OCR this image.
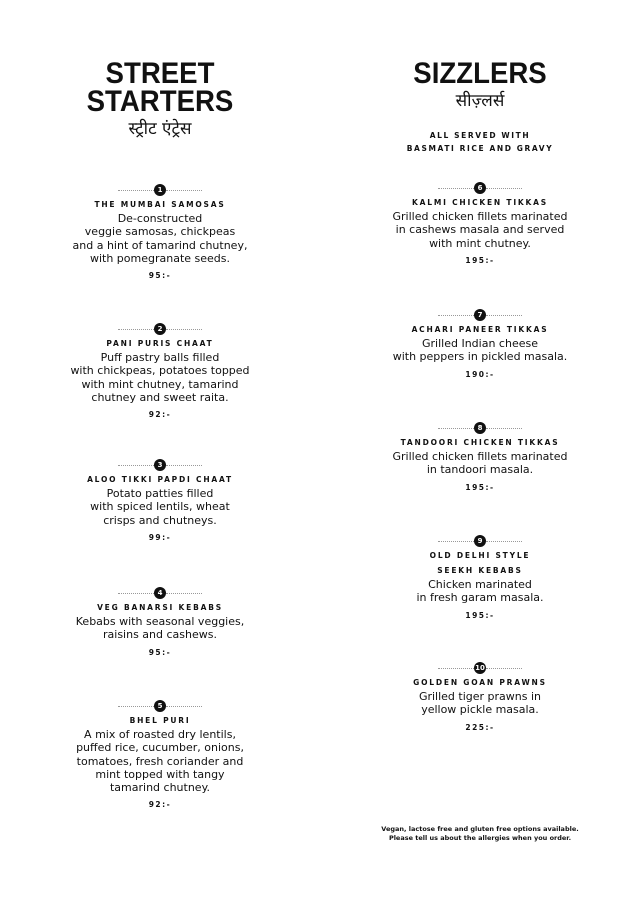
STREET
STARTERS
स्ट्रीट एंट्रेस
SIZZLERS
सीज़्लर्स
ALL SERVED WITH
BASMATI RICE AND GRAVY
1
THE MUMBAI SAMOSAS
De-constructed
veggie samosas, chickpeas
and a hint of tamarind chutney,
with pomegranate seeds.
95:-
2
PANI PURIS CHAAT
Puff pastry balls filled
with chickpeas, potatoes topped
with mint chutney, tamarind
chutney and sweet raita.
92:-
3
ALOO TIKKI PAPDI CHAAT
Potato patties filled
with spiced lentils, wheat
crisps and chutneys.
99:-
4
VEG BANARSI KEBABS
Kebabs with seasonal veggies,
raisins and cashews.
95:-
5
BHEL PURI
A mix of roasted dry lentils,
puffed rice, cucumber, onions,
tomatoes, fresh coriander and
mint topped with tangy
tamarind chutney.
92:-
6
KALMI CHICKEN TIKKAS
Grilled chicken fillets marinated
in cashews masala and served
with mint chutney.
195:-
7
ACHARI PANEER TIKKAS
Grilled Indian cheese
with peppers in pickled masala.
190:-
8
TANDOORI CHICKEN TIKKAS
Grilled chicken fillets marinated
in tandoori masala.
195:-
9
OLD DELHI STYLE
SEEKH KEBABS
Chicken marinated
in fresh garam masala.
195:-
10
GOLDEN GOAN PRAWNS
Grilled tiger prawns in
yellow pickle masala.
225:-
Vegan, lactose free and gluten free options available.
Please tell us about the allergies when you order.
